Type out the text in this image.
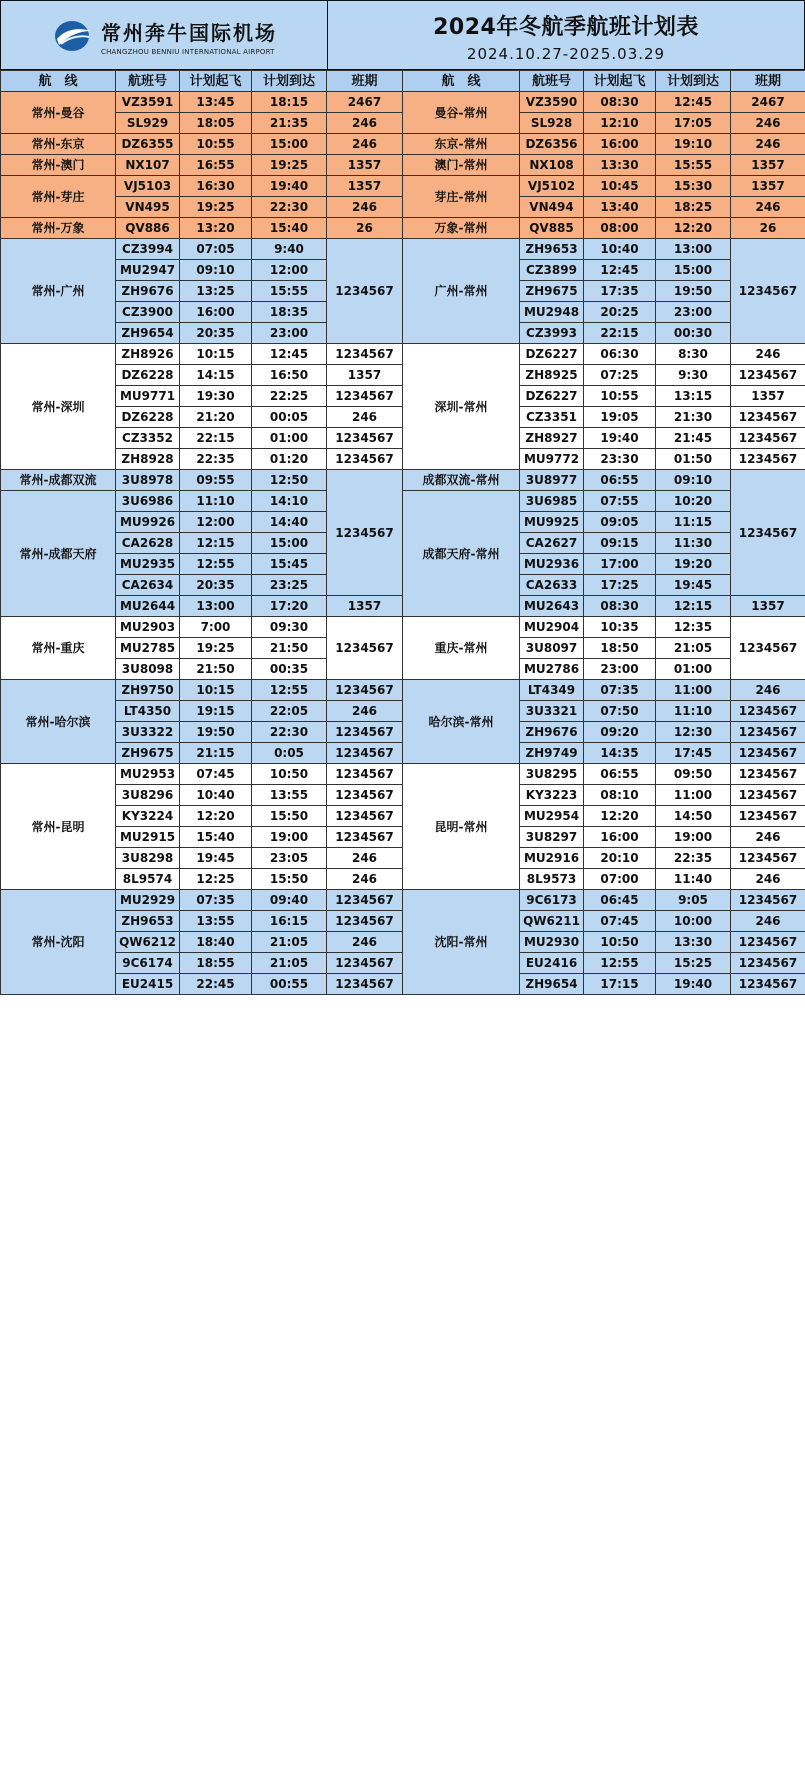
常州奔牛国际机场
CHANGZHOU BENNIU INTERNATIONAL AIRPORT
2024年冬航季航班计划表
2024.10.27-2025.03.29
航　线	航班号	计划起飞	计划到达	班期	航　线	航班号	计划起飞	计划到达	班期
常州-曼谷	VZ3591	13:45	18:15	2467	曼谷-常州	VZ3590	08:30	12:45	2467
	SL929	18:05	21:35	246		SL928	12:10	17:05	246
常州-东京	DZ6355	10:55	15:00	246	东京-常州	DZ6356	16:00	19:10	246
常州-澳门	NX107	16:55	19:25	1357	澳门-常州	NX108	13:30	15:55	1357
常州-芽庄	VJ5103	16:30	19:40	1357	芽庄-常州	VJ5102	10:45	15:30	1357
	VN495	19:25	22:30	246		VN494	13:40	18:25	246
常州-万象	QV886	13:20	15:40	26	万象-常州	QV885	08:00	12:20	26
常州-广州	CZ3994	07:05	9:40	1234567	广州-常州	ZH9653	10:40	13:00	1234567
	MU2947	09:10	12:00			CZ3899	12:45	15:00	
	ZH9676	13:25	15:55			ZH9675	17:35	19:50	
	CZ3900	16:00	18:35			MU2948	20:25	23:00	
	ZH9654	20:35	23:00			CZ3993	22:15	00:30	
常州-深圳	ZH8926	10:15	12:45	1234567	深圳-常州	DZ6227	06:30	8:30	246
	DZ6228	14:15	16:50	1357		ZH8925	07:25	9:30	1234567
	MU9771	19:30	22:25	1234567		DZ6227	10:55	13:15	1357
	DZ6228	21:20	00:05	246		CZ3351	19:05	21:30	1234567
	CZ3352	22:15	01:00	1234567		ZH8927	19:40	21:45	1234567
	ZH8928	22:35	01:20	1234567		MU9772	23:30	01:50	1234567
常州-成都双流	3U8978	09:55	12:50	1234567	成都双流-常州	3U8977	06:55	09:10	1234567
常州-成都天府	3U6986	11:10	14:10		成都天府-常州	3U6985	07:55	10:20	
	MU9926	12:00	14:40			MU9925	09:05	11:15	
	CA2628	12:15	15:00			CA2627	09:15	11:30	
	MU2935	12:55	15:45			MU2936	17:00	19:20	
	CA2634	20:35	23:25			CA2633	17:25	19:45	
	MU2644	13:00	17:20	1357		MU2643	08:30	12:15	1357
常州-重庆	MU2903	7:00	09:30	1234567	重庆-常州	MU2904	10:35	12:35	1234567
	MU2785	19:25	21:50			3U8097	18:50	21:05	
	3U8098	21:50	00:35			MU2786	23:00	01:00	
常州-哈尔滨	ZH9750	10:15	12:55	1234567	哈尔滨-常州	LT4349	07:35	11:00	246
	LT4350	19:15	22:05	246		3U3321	07:50	11:10	1234567
	3U3322	19:50	22:30	1234567		ZH9676	09:20	12:30	1234567
	ZH9675	21:15	0:05	1234567		ZH9749	14:35	17:45	1234567
常州-昆明	MU2953	07:45	10:50	1234567	昆明-常州	3U8295	06:55	09:50	1234567
	3U8296	10:40	13:55	1234567		KY3223	08:10	11:00	1234567
	KY3224	12:20	15:50	1234567		MU2954	12:20	14:50	1234567
	MU2915	15:40	19:00	1234567		3U8297	16:00	19:00	246
	3U8298	19:45	23:05	246		MU2916	20:10	22:35	1234567
	8L9574	12:25	15:50	246		8L9573	07:00	11:40	246
常州-沈阳	MU2929	07:35	09:40	1234567	沈阳-常州	9C6173	06:45	9:05	1234567
	ZH9653	13:55	16:15	1234567		QW6211	07:45	10:00	246
	QW6212	18:40	21:05	246		MU2930	10:50	13:30	1234567
	9C6174	18:55	21:05	1234567		EU2416	12:55	15:25	1234567
	EU2415	22:45	00:55	1234567		ZH9654	17:15	19:40	1234567
